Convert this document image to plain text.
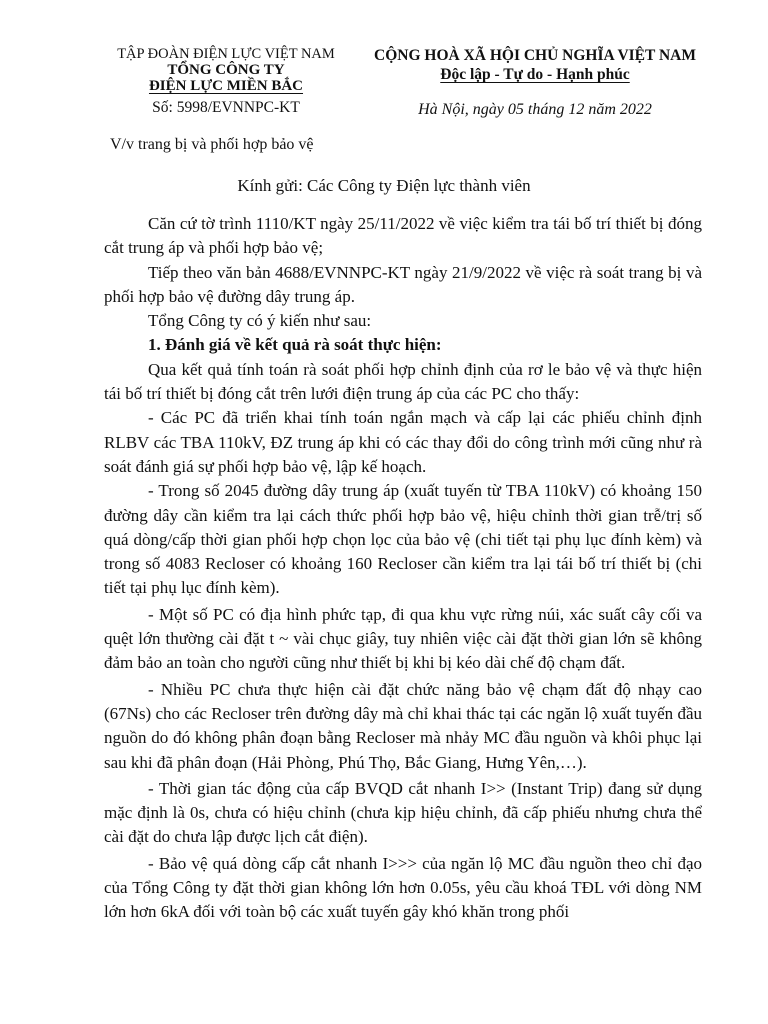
TẬP ĐOÀN ĐIỆN LỰC VIỆT NAM
TỔNG CÔNG TY
ĐIỆN LỰC MIỀN BẮC
Số: 5998/EVNNPC-KT
CỘNG HOÀ XÃ HỘI CHỦ NGHĨA VIỆT NAM
Độc lập - Tự do - Hạnh phúc
Hà Nội, ngày 05 tháng 12 năm 2022
V/v trang bị và phối hợp bảo vệ
Kính gửi: Các Công ty Điện lực thành viên

Căn cứ tờ trình 1110/KT ngày 25/11/2022 về việc kiểm tra tái bố trí thiết bị đóng cắt trung áp và phối hợp bảo vệ;

Tiếp theo văn bản 4688/EVNNPC-KT ngày 21/9/2022 về việc rà soát trang bị và phối hợp bảo vệ đường dây trung áp.

Tổng Công ty có ý kiến như sau:

1. Đánh giá về kết quả rà soát thực hiện:

Qua kết quả tính toán rà soát phối hợp chỉnh định của rơ le bảo vệ và thực hiện tái bố trí thiết bị đóng cắt trên lưới điện trung áp của các PC cho thấy:

- Các PC đã triển khai tính toán ngắn mạch và cấp lại các phiếu chỉnh định RLBV các TBA 110kV, ĐZ trung áp khi có các thay đổi do công trình mới cũng như rà soát đánh giá sự phối hợp bảo vệ, lập kế hoạch.

- Trong số 2045 đường dây trung áp (xuất tuyến từ TBA 110kV) có khoảng 150 đường dây cần kiểm tra lại cách thức phối hợp bảo vệ, hiệu chỉnh thời gian trễ/trị số quá dòng/cấp thời gian phối hợp chọn lọc của bảo vệ (chi tiết tại phụ lục đính kèm) và trong số 4083 Recloser có khoảng 160 Recloser cần kiểm tra lại tái bố trí thiết bị (chi tiết tại phụ lục đính kèm).

- Một số PC có địa hình phức tạp, đi qua khu vực rừng núi, xác suất cây cối va quệt lớn thường cài đặt t ~ vài chục giây, tuy nhiên việc cài đặt thời gian lớn sẽ không đảm bảo an toàn cho người cũng như thiết bị khi bị kéo dài chế độ chạm đất.

- Nhiều PC chưa thực hiện cài đặt chức năng bảo vệ chạm đất độ nhạy cao (67Ns) cho các Recloser trên đường dây mà chỉ khai thác tại các ngăn lộ xuất tuyến đầu nguồn do đó không phân đoạn bằng Recloser mà nhảy MC đầu nguồn và khôi phục lại sau khi đã phân đoạn (Hải Phòng, Phú Thọ, Bắc Giang, Hưng Yên,…).

- Thời gian tác động của cấp BVQD cắt nhanh I>> (Instant Trip) đang sử dụng mặc định là 0s, chưa có hiệu chỉnh (chưa kịp hiệu chỉnh, đã cấp phiếu nhưng chưa thể cài đặt do chưa lập được lịch cắt điện).

- Bảo vệ quá dòng cấp cắt nhanh I>>> của ngăn lộ MC đầu nguồn theo chỉ đạo của Tổng Công ty đặt thời gian không lớn hơn 0.05s, yêu cầu khoá TĐL với dòng NM lớn hơn 6kA đối với toàn bộ các xuất tuyến gây khó khăn trong phối
